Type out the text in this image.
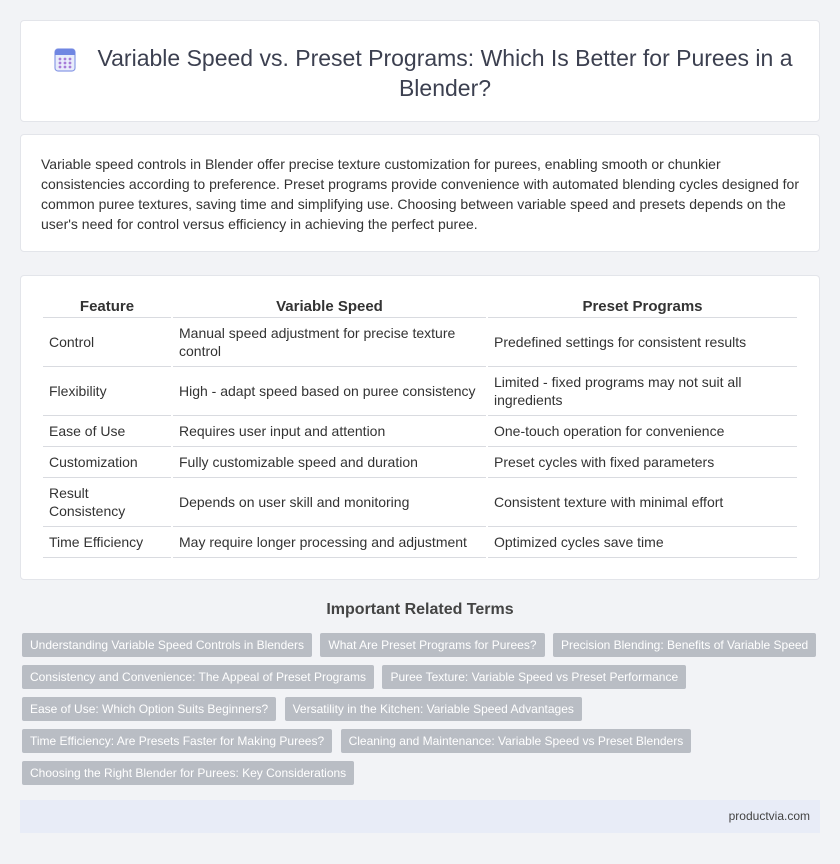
Variable Speed vs. Preset Programs: Which Is Better for Purees in a Blender?

Variable speed controls in Blender offer precise texture customization for purees, enabling smooth or chunkier consistencies according to preference. Preset programs provide convenience with automated blending cycles designed for common puree textures, saving time and simplifying use. Choosing between variable speed and presets depends on the user's need for control versus efficiency in achieving the perfect puree.

Feature	Variable Speed	Preset Programs
Control	Manual speed adjustment for precise texture control	Predefined settings for consistent results
Flexibility	High - adapt speed based on puree consistency	Limited - fixed programs may not suit all ingredients
Ease of Use	Requires user input and attention	One-touch operation for convenience
Customization	Fully customizable speed and duration	Preset cycles with fixed parameters
Result Consistency	Depends on user skill and monitoring	Consistent texture with minimal effort
Time Efficiency	May require longer processing and adjustment	Optimized cycles save time
Important Related Terms
Understanding Variable Speed Controls in Blenders What Are Preset Programs for Purees? Precision Blending: Benefits of Variable Speed Consistency and Convenience: The Appeal of Preset Programs Puree Texture: Variable Speed vs Preset Performance Ease of Use: Which Option Suits Beginners? Versatility in the Kitchen: Variable Speed Advantages Time Efficiency: Are Presets Faster for Making Purees? Cleaning and Maintenance: Variable Speed vs Preset Blenders Choosing the Right Blender for Purees: Key Considerations
productvia.com
